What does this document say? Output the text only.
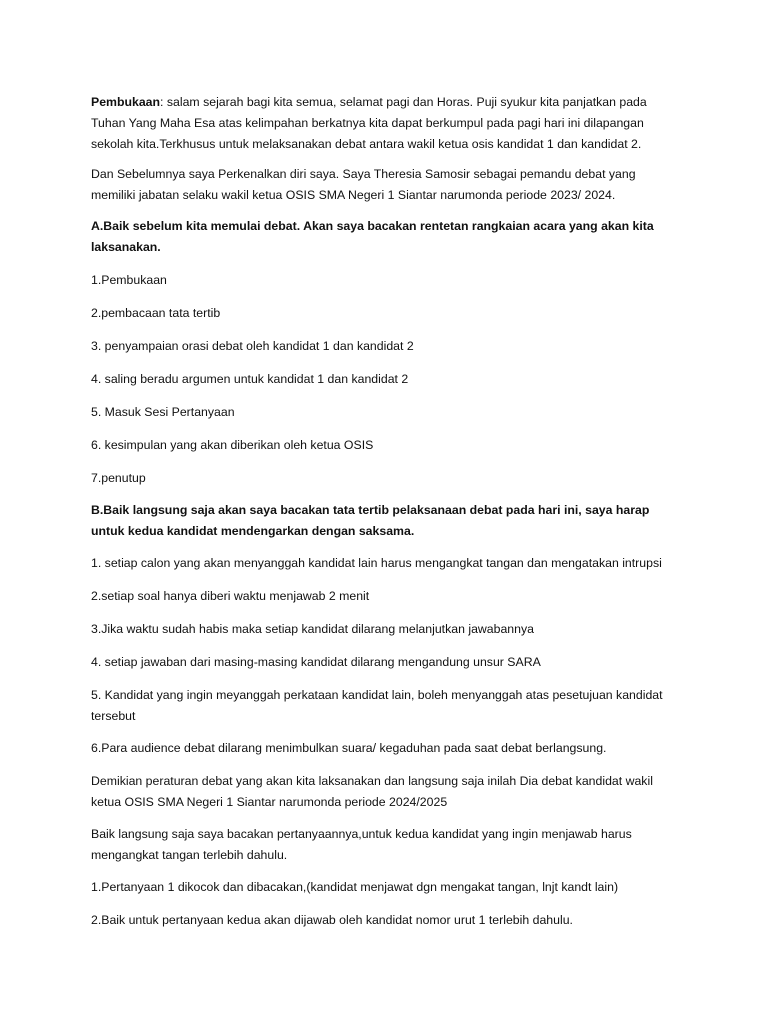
Pembukaan: salam sejarah bagi kita semua, selamat pagi dan Horas. Puji syukur kita panjatkan pada Tuhan Yang Maha Esa atas kelimpahan berkatnya kita dapat berkumpul pada pagi hari ini dilapangan sekolah kita.Terkhusus untuk melaksanakan debat antara wakil ketua osis kandidat 1 dan kandidat 2.

Dan Sebelumnya saya Perkenalkan diri saya. Saya Theresia Samosir sebagai pemandu debat yang memiliki jabatan selaku wakil ketua OSIS SMA Negeri 1 Siantar narumonda periode 2023/ 2024.

A.Baik sebelum kita memulai debat. Akan saya bacakan rentetan rangkaian acara yang akan kita laksanakan.

1.Pembukaan

2.pembacaan tata tertib

3. penyampaian orasi debat oleh kandidat 1 dan kandidat 2

4. saling beradu argumen untuk kandidat 1 dan kandidat 2

5. Masuk Sesi Pertanyaan

6. kesimpulan yang akan diberikan oleh ketua OSIS

7.penutup

B.Baik langsung saja akan saya bacakan tata tertib pelaksanaan debat pada hari ini, saya harap untuk kedua kandidat mendengarkan dengan saksama.

1. setiap calon yang akan menyanggah kandidat lain harus mengangkat tangan dan mengatakan intrupsi

2.setiap soal hanya diberi waktu menjawab 2 menit

3.Jika waktu sudah habis maka setiap kandidat dilarang melanjutkan jawabannya

4. setiap jawaban dari masing-masing kandidat dilarang mengandung unsur SARA

5. Kandidat yang ingin meyanggah perkataan kandidat lain, boleh menyanggah atas pesetujuan kandidat tersebut

6.Para audience debat dilarang menimbulkan suara/ kegaduhan pada saat debat berlangsung.

Demikian peraturan debat yang akan kita laksanakan dan langsung saja inilah Dia debat kandidat wakil ketua OSIS SMA Negeri 1 Siantar narumonda periode 2024/2025

Baik langsung saja saya bacakan pertanyaannya,untuk kedua kandidat yang ingin menjawab harus mengangkat tangan terlebih dahulu.

1.Pertanyaan 1 dikocok dan dibacakan,(kandidat menjawat dgn mengakat tangan, lnjt kandt lain)

2.Baik untuk pertanyaan kedua akan dijawab oleh kandidat nomor urut 1 terlebih dahulu.
